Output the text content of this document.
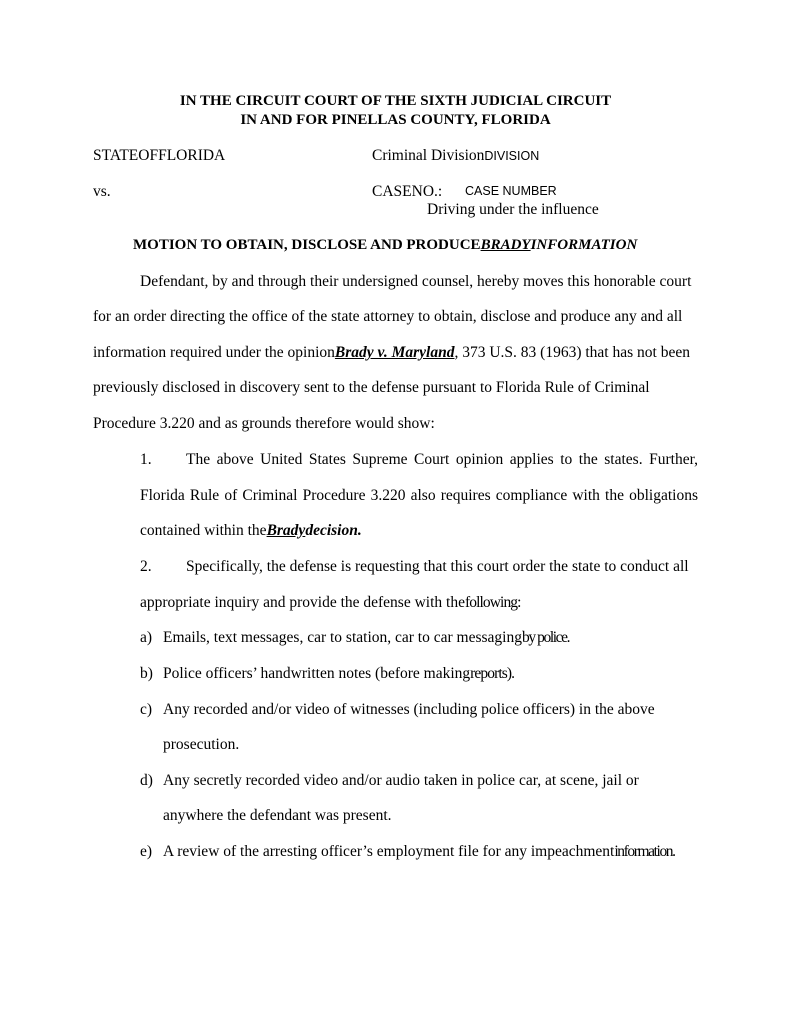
IN THE CIRCUIT COURT OF THE SIXTH JUDICIAL CIRCUIT
IN AND FOR PINELLAS COUNTY, FLORIDA
STATEOFFLORIDA	Criminal DivisionDIVISION
vs.	CASENO.: CASE NUMBER
Driving under the influence
MOTION TO OBTAIN, DISCLOSE AND PRODUCEBRADYINFORMATION
Defendant, by and through their undersigned counsel, hereby moves this honorable court
for an order directing the office of the state attorney to obtain, disclose and produce any and all
information required under the opinionBrady v. Maryland, 373 U.S. 83 (1963) that has not been
previously disclosed in discovery sent to the defense pursuant to Florida Rule of Criminal
Procedure 3.220 and as grounds therefore would show:
1. The above United States Supreme Court opinion applies to the states. Further,
Florida Rule of Criminal Procedure 3.220 also requires compliance with the obligations
contained within theBradydecision.
2. Specifically, the defense is requesting that this court order the state to conduct all
appropriate inquiry and provide the defense with thefollowing:
a) Emails, text messages, car to station, car to car messagingby police.
b) Police officers’ handwritten notes (before makingreports).
c) Any recorded and/or video of witnesses (including police officers) in the above
prosecution.
d) Any secretly recorded video and/or audio taken in police car, at scene, jail or
anywhere the defendant was present.
e) A review of the arresting officer’s employment file for any impeachmentinformation.
